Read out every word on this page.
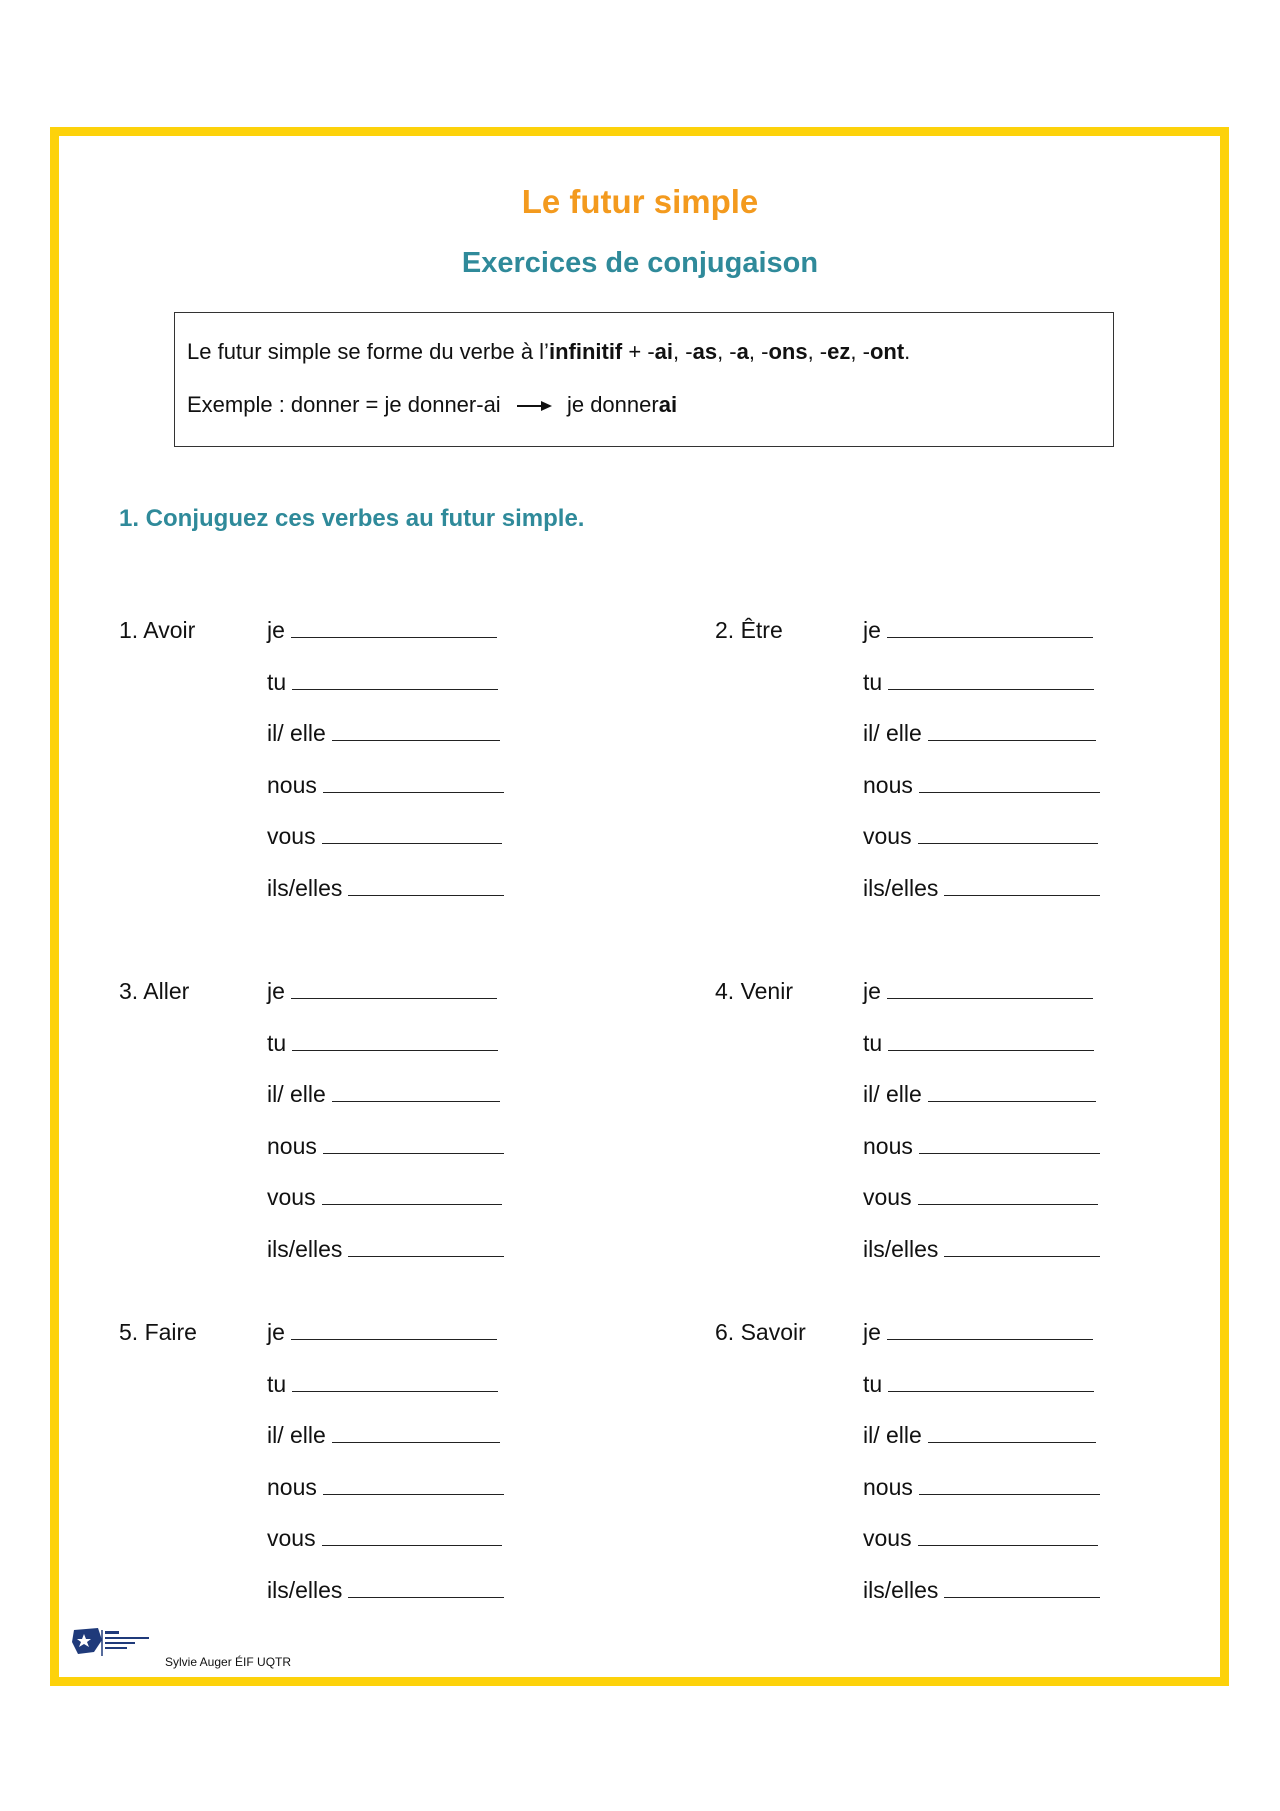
Le futur simple
Exercices de conjugaison
Le futur simple se forme du verbe à l’infinitif + -ai, -as, -a, -ons, -ez, -ont.
Exemple : donner = je donner-ai	je donnerai
1. Conjuguez ces verbes au futur simple.
1. Avoir	je
tu
il/ elle
nous
vous
ils/elles
2. Être	je
tu
il/ elle
nous
vous
ils/elles
3. Aller	je
tu
il/ elle
nous
vous
ils/elles
4. Venir	je
tu
il/ elle
nous
vous
ils/elles
5. Faire	je
tu
il/ elle
nous
vous
ils/elles
6. Savoir je
tu
il/ elle
nous
vous
ils/elles
Sylvie Auger ÉIF UQTR
